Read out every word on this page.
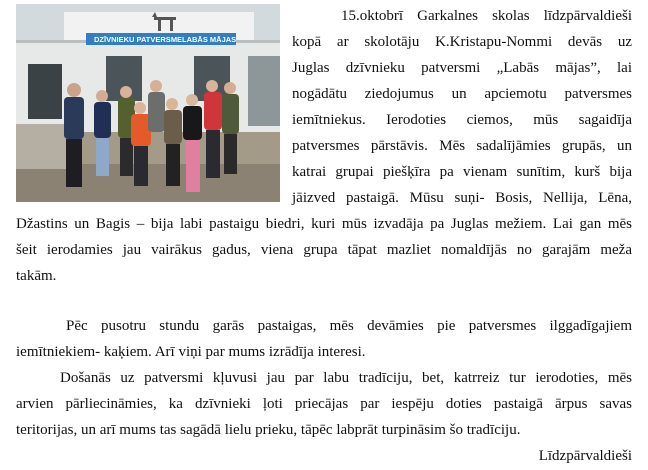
DZĪVNIEKU PATVERSME LABĀS MĀJAS
15.oktobrī Garkalnes skolas līdzpārvaldieši
kopā ar skolotāju K.Kristapu-Nommi devās uz
Juglas dzīvnieku patversmi „Labās mājas”, lai
nogādātu ziedojumus un apciemotu patversmes
iemītniekus. Ierodoties ciemos, mūs sagaidīja
patversmes pārstāvis. Mēs sadalījāmies grupās, un
katrai grupai piešķīra pa vienam sunītim, kurš bija
jāizved pastaigā. Mūsu suņi- Bosis, Nellija, Lēna,
Džastins un Bagis – bija labi pastaigu biedri, kuri mūs izvadāja pa Juglas mežiem. Lai gan mēs
šeit ierodamies jau vairākus gadus, viena grupa tāpat mazliet nomaldījās no garajām meža
takām.
Pēc pusotru stundu garās pastaigas, mēs devāmies pie patversmes ilggadīgajiem
iemītniekiem- kaķiem. Arī viņi par mums izrādīja interesi.
Došanās uz patversmi kļuvusi jau par labu tradīciju, bet, katrreiz tur ierodoties, mēs
arvien pārliecināmies, ka dzīvnieki ļoti priecājas par iespēju doties pastaigā ārpus savas
teritorijas, un arī mums tas sagādā lielu prieku, tāpēc labprāt turpināsim šo tradīciju.
Līdzpārvaldieši
